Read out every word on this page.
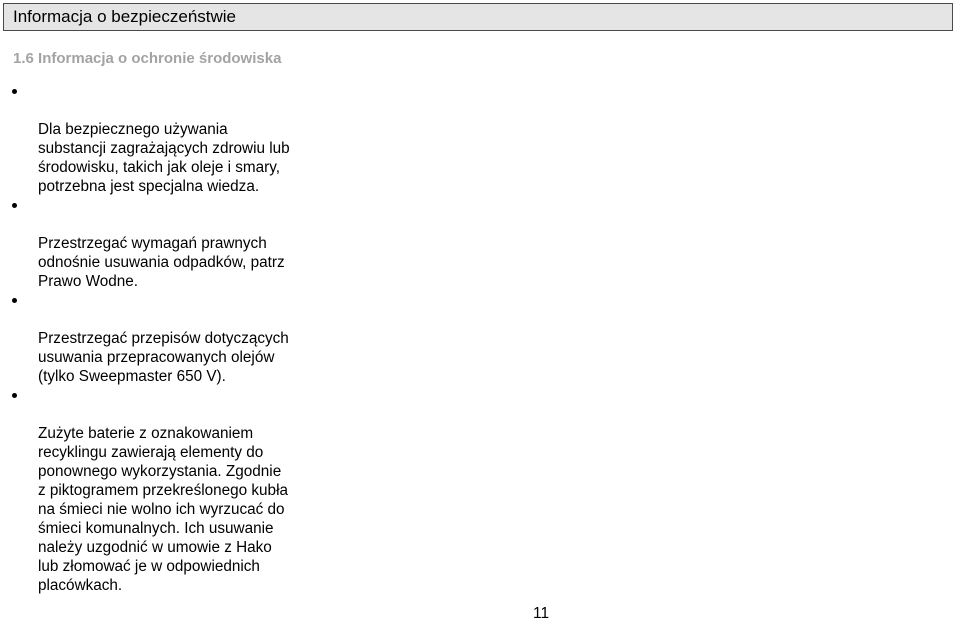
Informacja o bezpieczeństwie
1.6 Informacja o ochronie środowiska

Dla bezpiecznego używania
substancji zagrażających zdrowiu lub
środowisku, takich jak oleje i smary,
potrzebna jest specjalna wiedza.

Przestrzegać wymagań prawnych
odnośnie usuwania odpadków, patrz
Prawo Wodne.

Przestrzegać przepisów dotyczących
usuwania przepracowanych olejów
(tylko Sweepmaster 650 V).

Zużyte baterie z oznakowaniem
recyklingu zawierają elementy do
ponownego wykorzystania. Zgodnie
z piktogramem przekreślonego kubła
na śmieci nie wolno ich wyrzucać do
śmieci komunalnych. Ich usuwanie
należy uzgodnić w umowie z Hako
lub złomować je w odpowiednich
placówkach.

11
